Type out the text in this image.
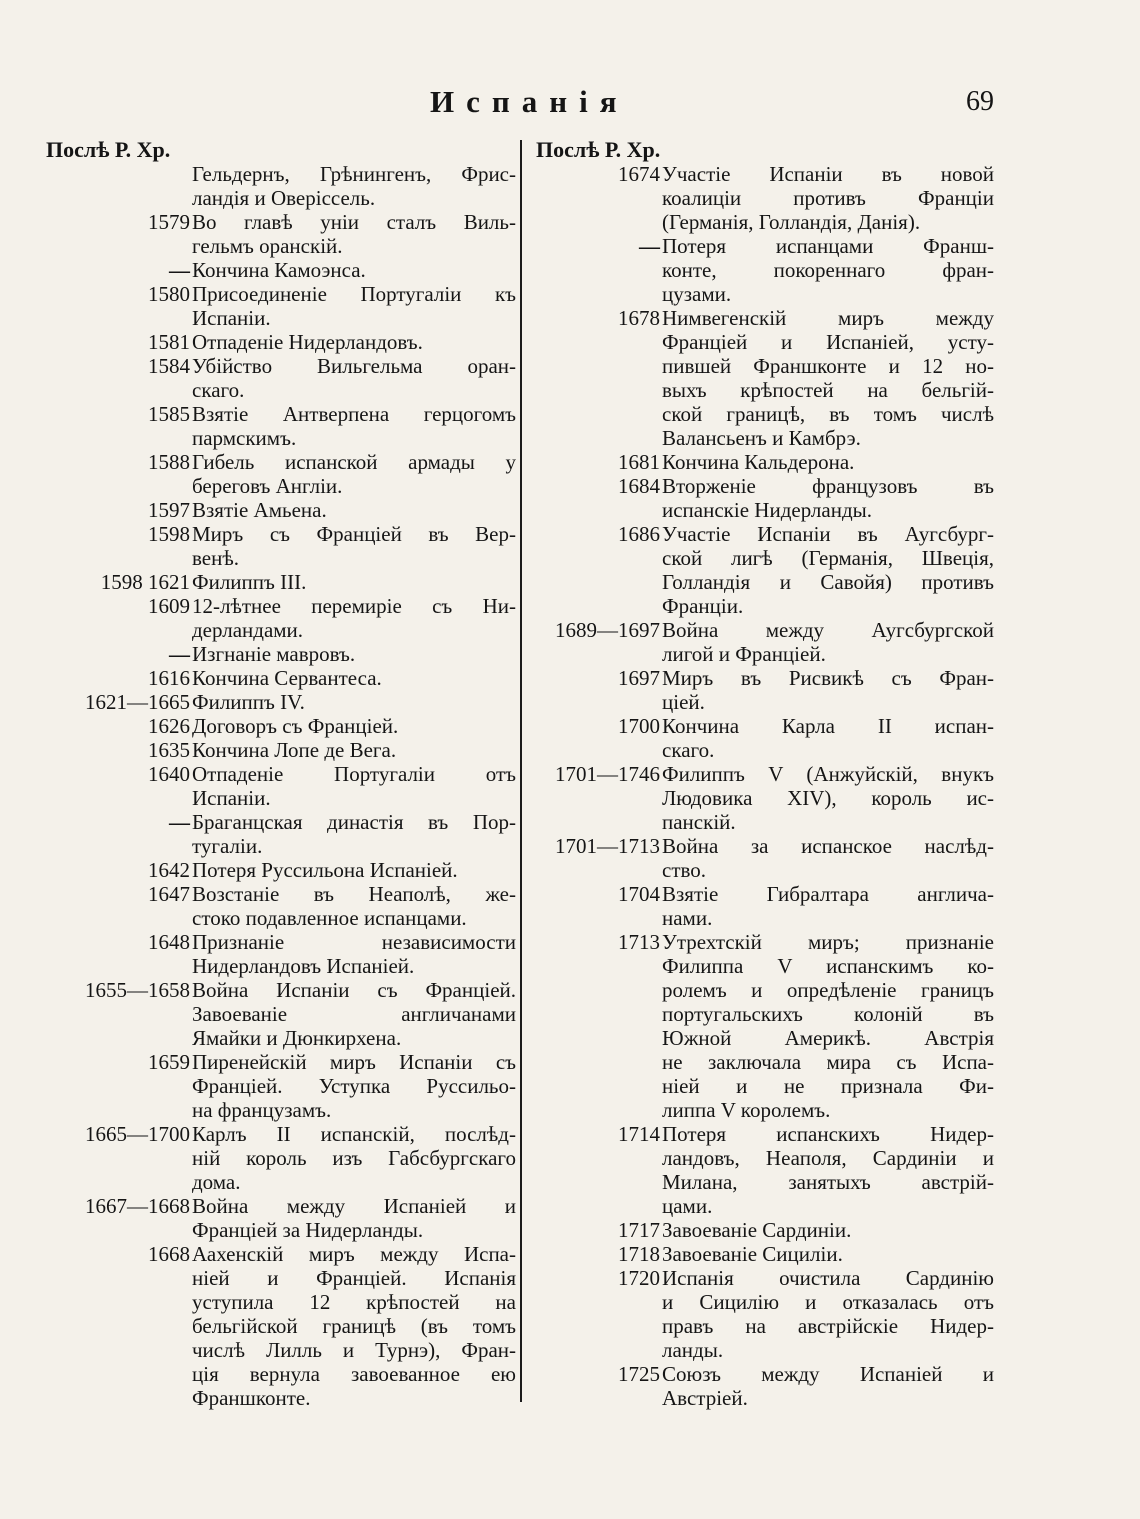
Испанія	69
Послѣ Р. Хр.
Гельдернъ, Грѣнингенъ, Фрис-
ландія и Оверіссель.
1579 Во главѣ уніи сталъ Виль-
гельмъ оранскій.
— Кончина Камоэнса.
1580 Присоединеніе Португаліи къ
Испаніи.
1581 Отпаденіе Нидерландовъ.
1584 Убійство Вильгельма оран-
скаго.
1585 Взятіе Антверпена герцогомъ
пармскимъ.
1588 Гибель испанской армады у
береговъ Англіи.
1597 Взятіе Амьена.
1598 Миръ съ Франціей въ Вер-
венѣ.
1598 1621 Филиппъ III.
1609 12-лѣтнее перемиріе съ Ни-
дерландами.
— Изгнаніе мавровъ.
1616 Кончина Сервантеса.
1621—1665 Филиппъ IV.
1626 Договоръ съ Франціей.
1635 Кончина Лопе де Вега.
1640 Отпаденіе Португаліи отъ
Испаніи.
— Браганцская династія въ Пор-
тугаліи.
1642 Потеря Руссильона Испаніей.
1647 Возстаніе въ Неаполѣ, же-
стоко подавленное испанцами.
1648 Признаніе независимости
Нидерландовъ Испаніей.
1655—1658 Война Испаніи съ Франціей.
Завоеваніе англичанами
Ямайки и Дюнкирхена.
1659 Пиренейскій миръ Испаніи съ
Франціей. Уступка Руссильо-
на французамъ.
1665—1700 Карлъ II испанскій, послѣд-
ній король изъ Габсбургскаго
дома.
1667—1668 Война между Испаніей и
Франціей за Нидерланды.
1668 Аахенскій миръ между Испа-
ніей и Франціей. Испанія
уступила 12 крѣпостей на
бельгійской границѣ (въ томъ
числѣ Лилль и Турнэ), Фран-
ція вернула завоеванное ею
Франшконте.
Послѣ Р. Хр.
1674 Участіе Испаніи въ новой
коалиціи противъ Франціи
(Германія, Голландія, Данія).
— Потеря испанцами Франш-
конте, покореннаго фран-
цузами.
1678 Нимвегенскій миръ между
Франціей и Испаніей, усту-
пившей Франшконте и 12 но-
выхъ крѣпостей на бельгій-
ской границѣ, въ томъ числѣ
Валансьенъ и Камбрэ.
1681 Кончина Кальдерона.
1684 Вторженіе французовъ въ
испанскіе Нидерланды.
1686 Участіе Испаніи въ Аугсбург-
ской лигѣ (Германія, Швеція,
Голландія и Савойя) противъ
Франціи.
1689—1697 Война между Аугсбургской
лигой и Франціей.
1697 Миръ въ Рисвикѣ съ Фран-
ціей.
1700 Кончина Карла II испан-
скаго.
1701—1746 Филиппъ V (Анжуйскій, внукъ
Людовика XIV), король ис-
панскій.
1701—1713 Война за испанское наслѣд-
ство.
1704 Взятіе Гибралтара англича-
нами.
1713 Утрехтскій миръ; признаніе
Филиппа V испанскимъ ко-
ролемъ и опредѣленіе границъ
португальскихъ колоній въ
Южной Америкѣ. Австрія
не заключала мира съ Испа-
ніей и не признала Фи-
липпа V королемъ.
1714 Потеря испанскихъ Нидер-
ландовъ, Неаполя, Сардиніи и
Милана, занятыхъ австрій-
цами.
1717 Завоеваніе Сардиніи.
1718 Завоеваніе Сициліи.
1720 Испанія очистила Сардинію
и Сицилію и отказалась отъ
правъ на австрійскіе Нидер-
ланды.
1725 Союзъ между Испаніей и
Австріей.
